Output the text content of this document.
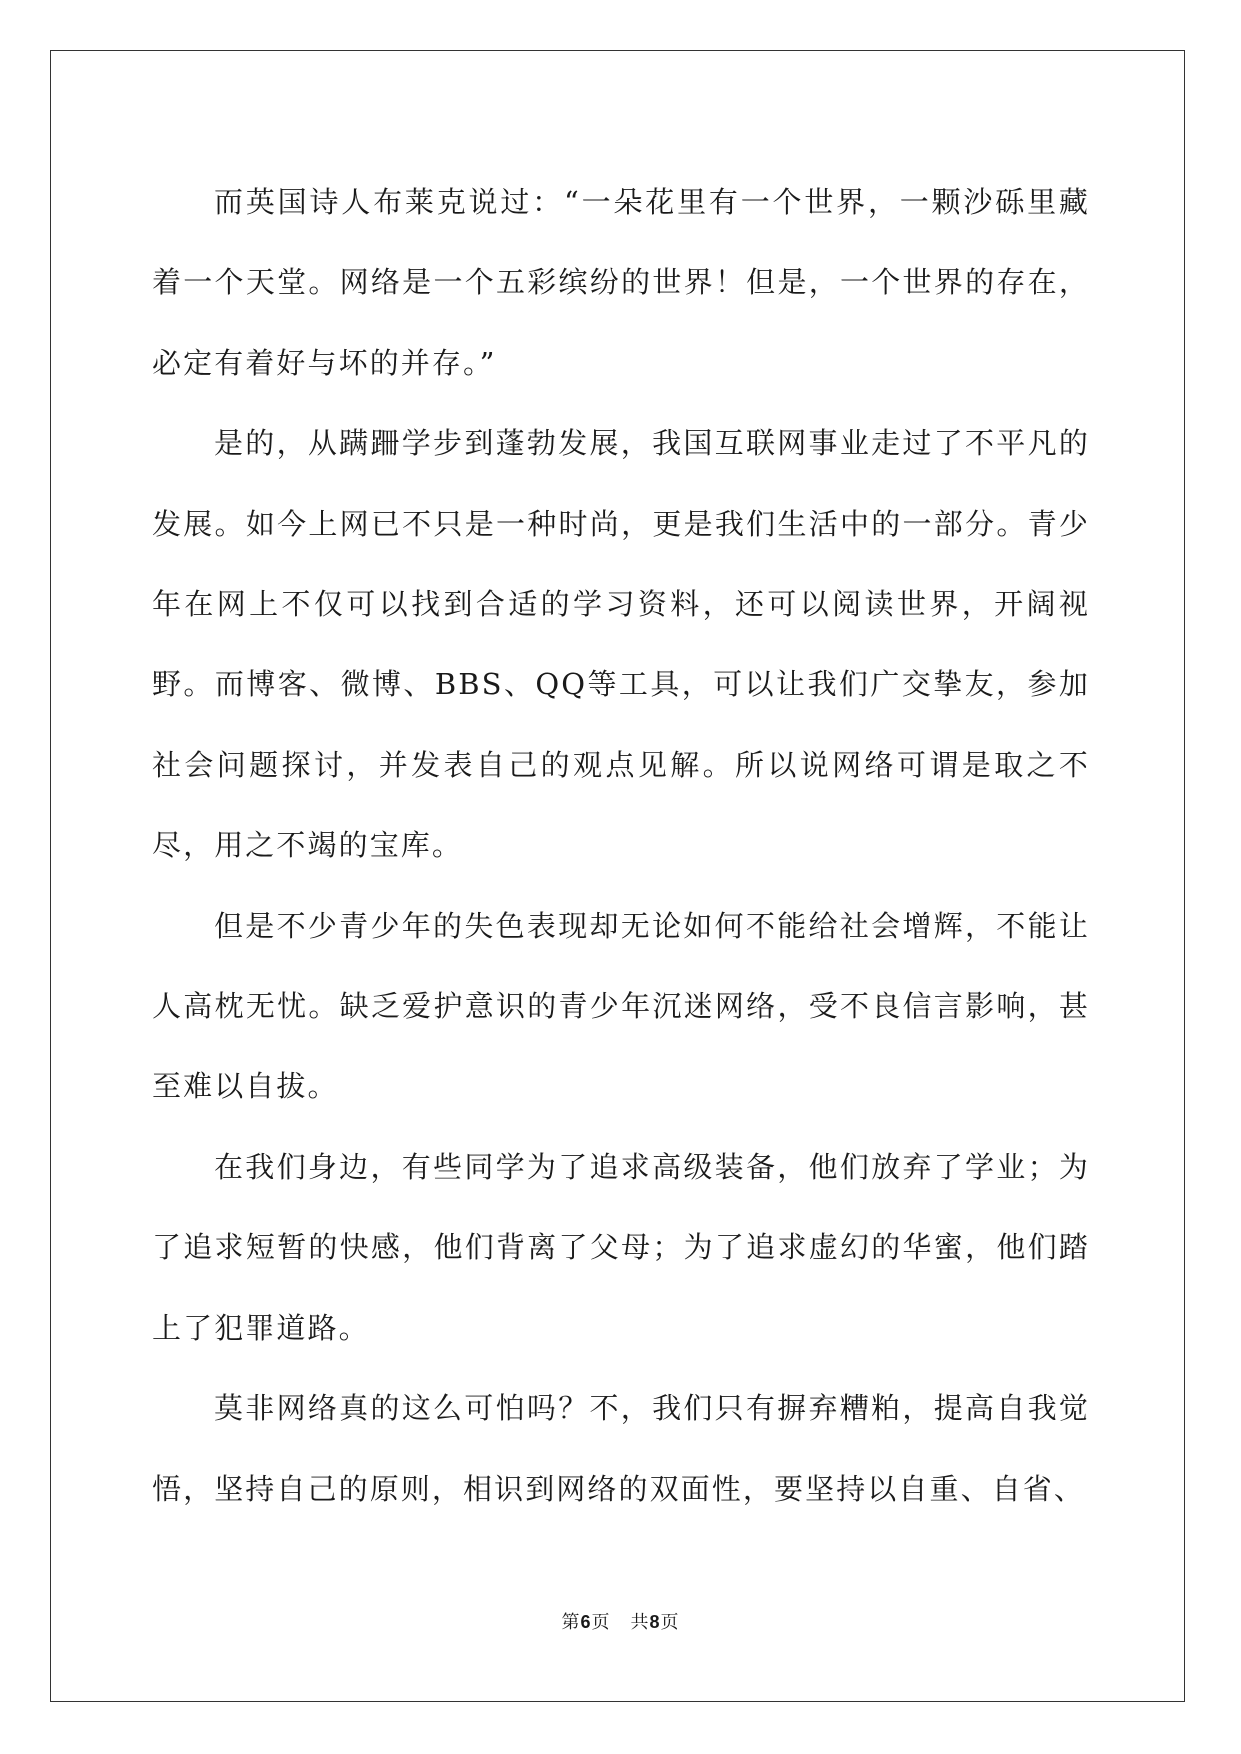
而英国诗人布莱克说过：“一朵花里有一个世界，一颗沙砾里藏着一个天堂。网络是一个五彩缤纷的世界！但是，一个世界的存在，必定有着好与坏的并存。”

是的，从蹒跚学步到蓬勃发展，我国互联网事业走过了不平凡的发展。如今上网已不只是一种时尚，更是我们生活中的一部分。青少年在网上不仅可以找到合适的学习资料，还可以阅读世界，开阔视野。而博客、微博、BBS、QQ等工具，可以让我们广交挚友，参加社会问题探讨，并发表自己的观点见解。所以说网络可谓是取之不尽，用之不竭的宝库。

但是不少青少年的失色表现却无论如何不能给社会增辉，不能让人高枕无忧。缺乏爱护意识的青少年沉迷网络，受不良信言影响，甚至难以自拔。

在我们身边，有些同学为了追求高级装备，他们放弃了学业；为了追求短暂的快感，他们背离了父母；为了追求虚幻的华蜜，他们踏上了犯罪道路。

莫非网络真的这么可怕吗？不，我们只有摒弃糟粕，提高自我觉悟，坚持自己的原则，相识到网络的双面性，要坚持以自重、自省、

第6页 共8页
